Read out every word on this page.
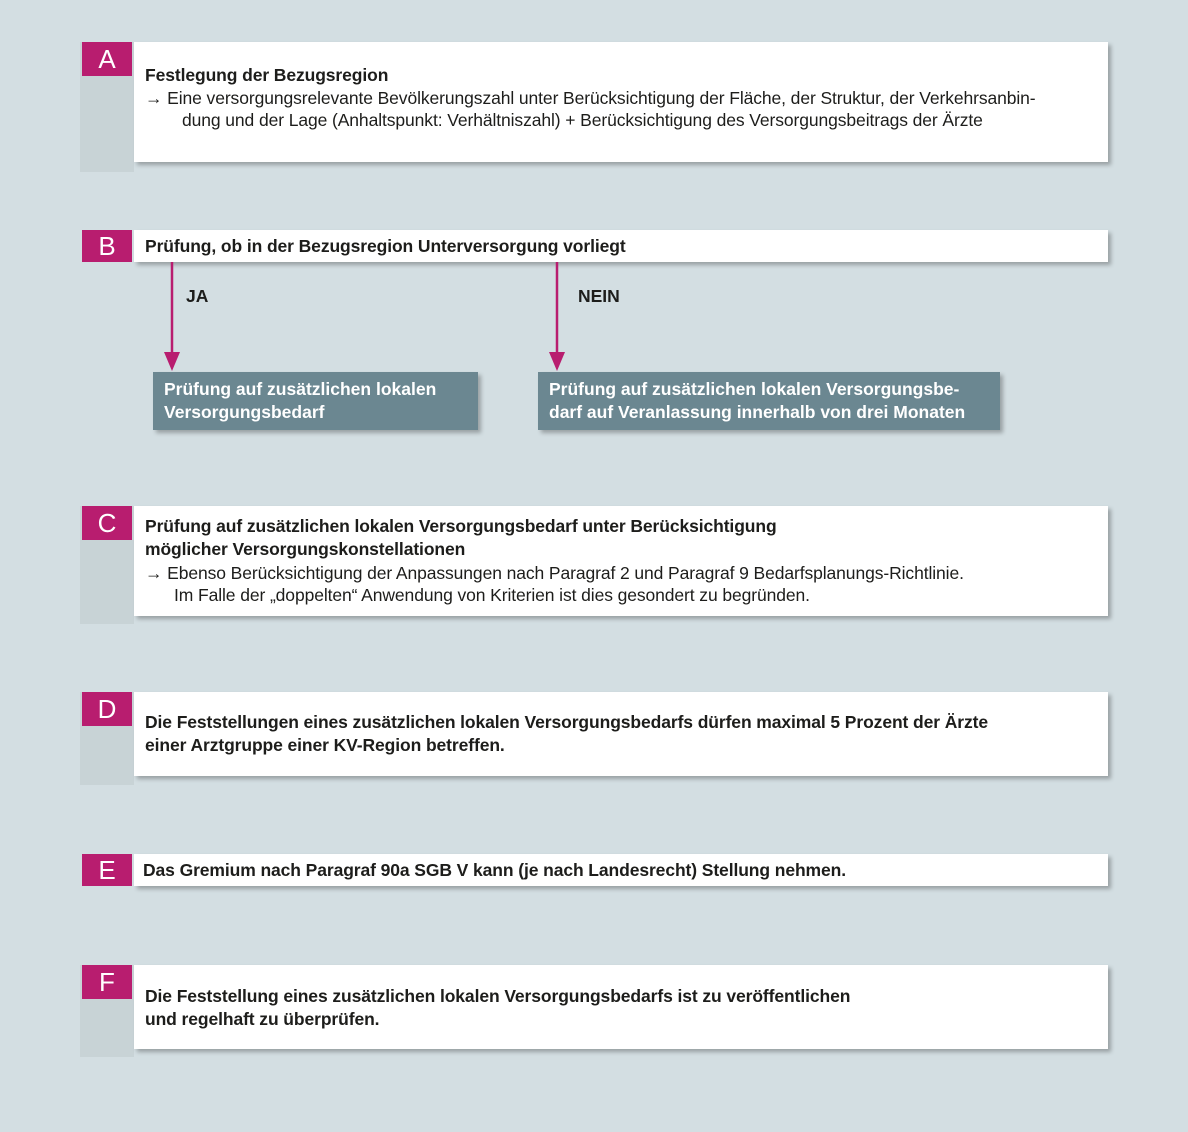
Festlegung der Bezugsregion
→ Eine versorgungsrelevante Bevölkerungszahl unter Berücksichtigung der Fläche, der Struktur, der Verkehrsanbin-
dung und der Lage (Anhaltspunkt: Verhältniszahl) + Berücksichtigung des Versorgungsbeitrags der Ärzte
A
Prüfung, ob in der Bezugsregion Unterversorgung vorliegt
B
JA	NEIN
Prüfung auf zusätzlichen lokalen
Versorgungsbedarf
Prüfung auf zusätzlichen lokalen Versorgungsbe-
darf auf Veranlassung innerhalb von drei Monaten
Prüfung auf zusätzlichen lokalen Versorgungsbedarf unter Berücksichtigung
möglicher Versorgungskonstellationen
→ Ebenso Berücksichtigung der Anpassungen nach Paragraf 2 und Paragraf 9 Bedarfsplanungs-Richtlinie.
Im Falle der „doppelten“ Anwendung von Kriterien ist dies gesondert zu begründen.
C
Die Feststellungen eines zusätzlichen lokalen Versorgungsbedarfs dürfen maximal 5 Prozent der Ärzte
einer Arztgruppe einer KV-Region betreffen.
D
Das Gremium nach Paragraf 90a SGB V kann (je nach Landesrecht) Stellung nehmen.
E
Die Feststellung eines zusätzlichen lokalen Versorgungsbedarfs ist zu veröffentlichen
und regelhaft zu überprüfen.
F
